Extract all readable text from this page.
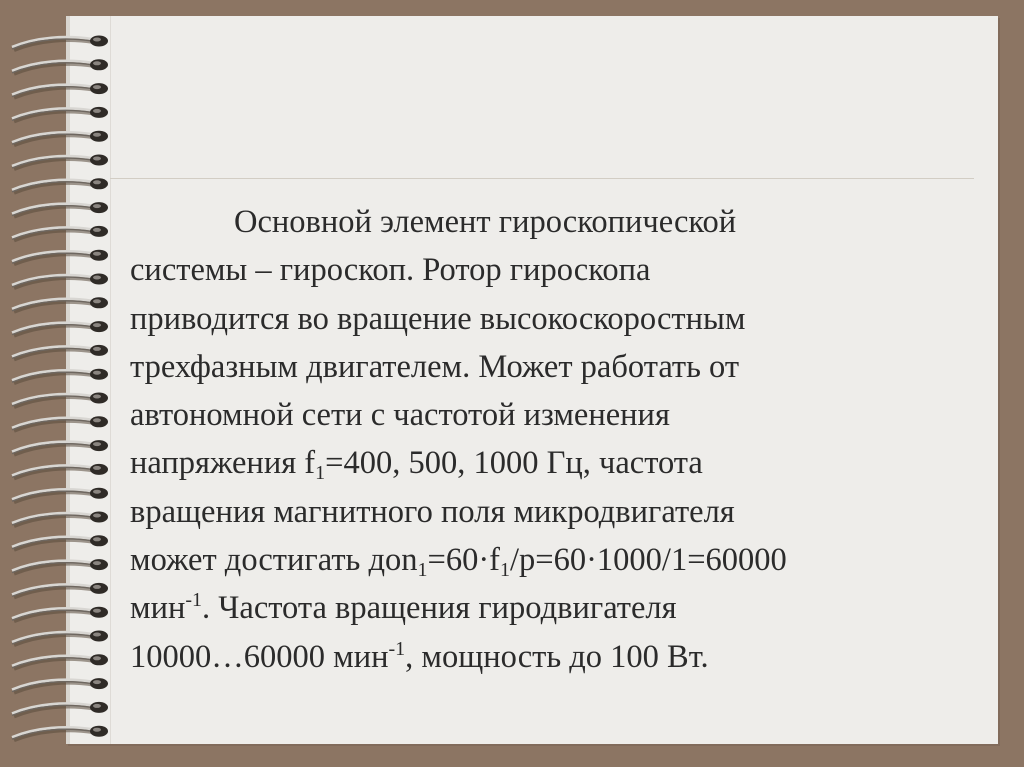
Основной элемент гироскопической
системы – гироскоп. Ротор гироскопа
приводится во вращение высокоскоростным
трехфазным двигателем. Может работать от
автономной сети с частотой изменения
напряжения $f_1=400$, 500, 1000 Гц, частота
вращения магнитного поля микродвигателя
может достигать $доn_1=60\cdot f_1/p=60\cdot 1000/1=60000$
мин$^{-1}$. Частота вращения гиродвигателя
10000…60000 мин$^{-1}$, мощность до 100 Вт.
